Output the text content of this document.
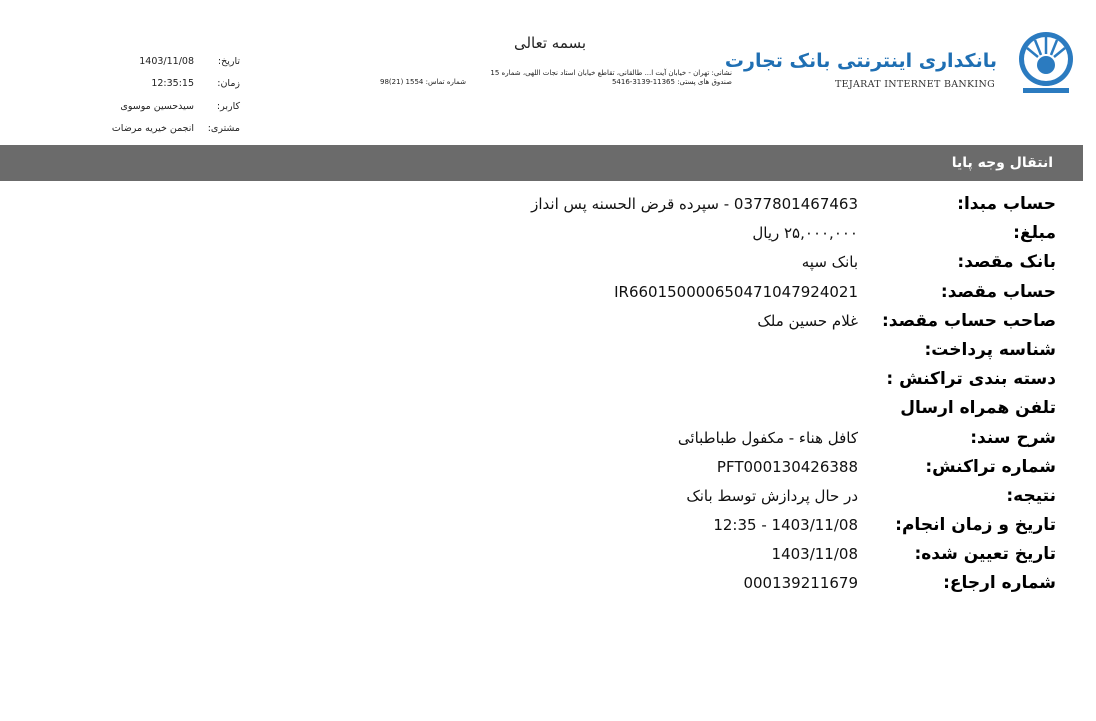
بانکداری اینترنتی بانک تجارت
TEJARAT INTERNET BANKING
بسمه تعالی
نشانی: تهران - خیابان آیت ا... طالقانی، تقاطع خیابان استاد نجات اللهی، شماره 15
صندوق های پستی: 11365-3139-5416
شماره تماس: 1554 (21)98
تاریخ:
1403/11/08
زمان:
12:35:15
کاربر:
سیدحسین موسوی
مشتری:
انجمن خیریه مرضات
انتقال وجه پایا
حساب مبدا:
0377801467463 - سپرده قرض الحسنه پس انداز
مبلغ:
۲۵,۰۰۰,۰۰۰ ریال
بانک مقصد:
بانک سپه
حساب مقصد:
IR660150000650471047924021
صاحب حساب مقصد:
غلام حسین ملک
شناسه پرداخت:
دسته بندی تراکنش :
تلفن همراه ارسال
شرح سند:
کافل هناء - مکفول طباطبائی
شماره تراکنش:
PFT000130426388
نتیجه:
در حال پردازش توسط بانک
تاریخ و زمان انجام:
1403/11/08 - 12:35
تاریخ تعیین شده:
1403/11/08
شماره ارجاع:
000139211679
